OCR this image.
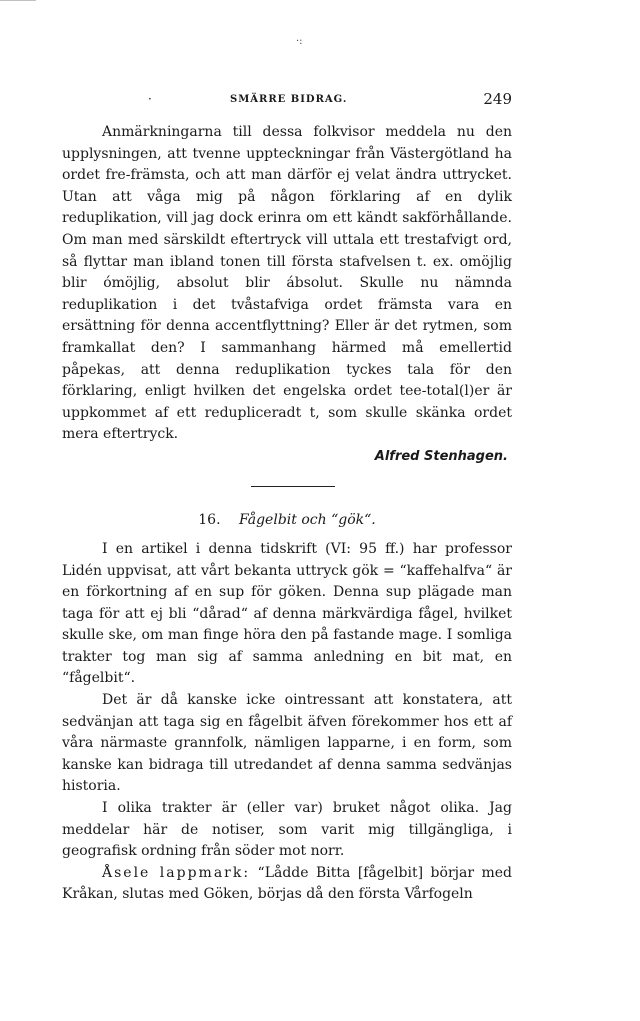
·:
·	SMÄRRE BIDRAG.	249

Anmärkningarna till dessa folkvisor meddela nu den upplysningen, att tvenne uppteckningar från Västergötland ha ordet fre-främsta, och att man därför ej velat ändra uttrycket. Utan att våga mig på någon förklaring af en dylik reduplikation, vill jag dock erinra om ett kändt sakförhållande. Om man med särskildt eftertryck vill uttala ett trestafvigt ord, så flyttar man ibland tonen till första stafvelsen t. ex. omöjlig blir ómöjlig, absolut blir ábsolut. Skulle nu nämnda reduplikation i det tvåstafviga ordet främsta vara en ersättning för denna accentflyttning? Eller är det rytmen, som framkallat den? I sammanhang härmed må emellertid påpekas, att denna reduplikation tyckes tala för den förklaring, enligt hvilken det engelska ordet tee-total(l)er är uppkommet af ett redupliceradt t, som skulle skänka ordet mera eftertryck.

Alfred Stenhagen.
16. Fågelbit och “gök“.

I en artikel i denna tidskrift (VI: 95 ff.) har professor Lidén uppvisat, att vårt bekanta uttryck gök = “kaffehalfva“ är en förkortning af en sup för göken. Denna sup plägade man taga för att ej bli “dårad“ af denna märkvärdiga fågel, hvilket skulle ske, om man finge höra den på fastande mage. I somliga trakter tog man sig af samma anledning en bit mat, en “fågelbit“.

Det är då kanske icke ointressant att konstatera, att sedvänjan att taga sig en fågelbit äfven förekommer hos ett af våra närmaste grannfolk, nämligen lapparne, i en form, som kanske kan bidraga till utredandet af denna samma sedvänjas historia.

I olika trakter är (eller var) bruket något olika. Jag meddelar här de notiser, som varit mig tillgängliga, i geografisk ordning från söder mot norr.

Åsele lappmark: “Lådde Bitta [fågelbit] börjar med Kråkan, slutas med Göken, börjas då den första Vårfogeln
